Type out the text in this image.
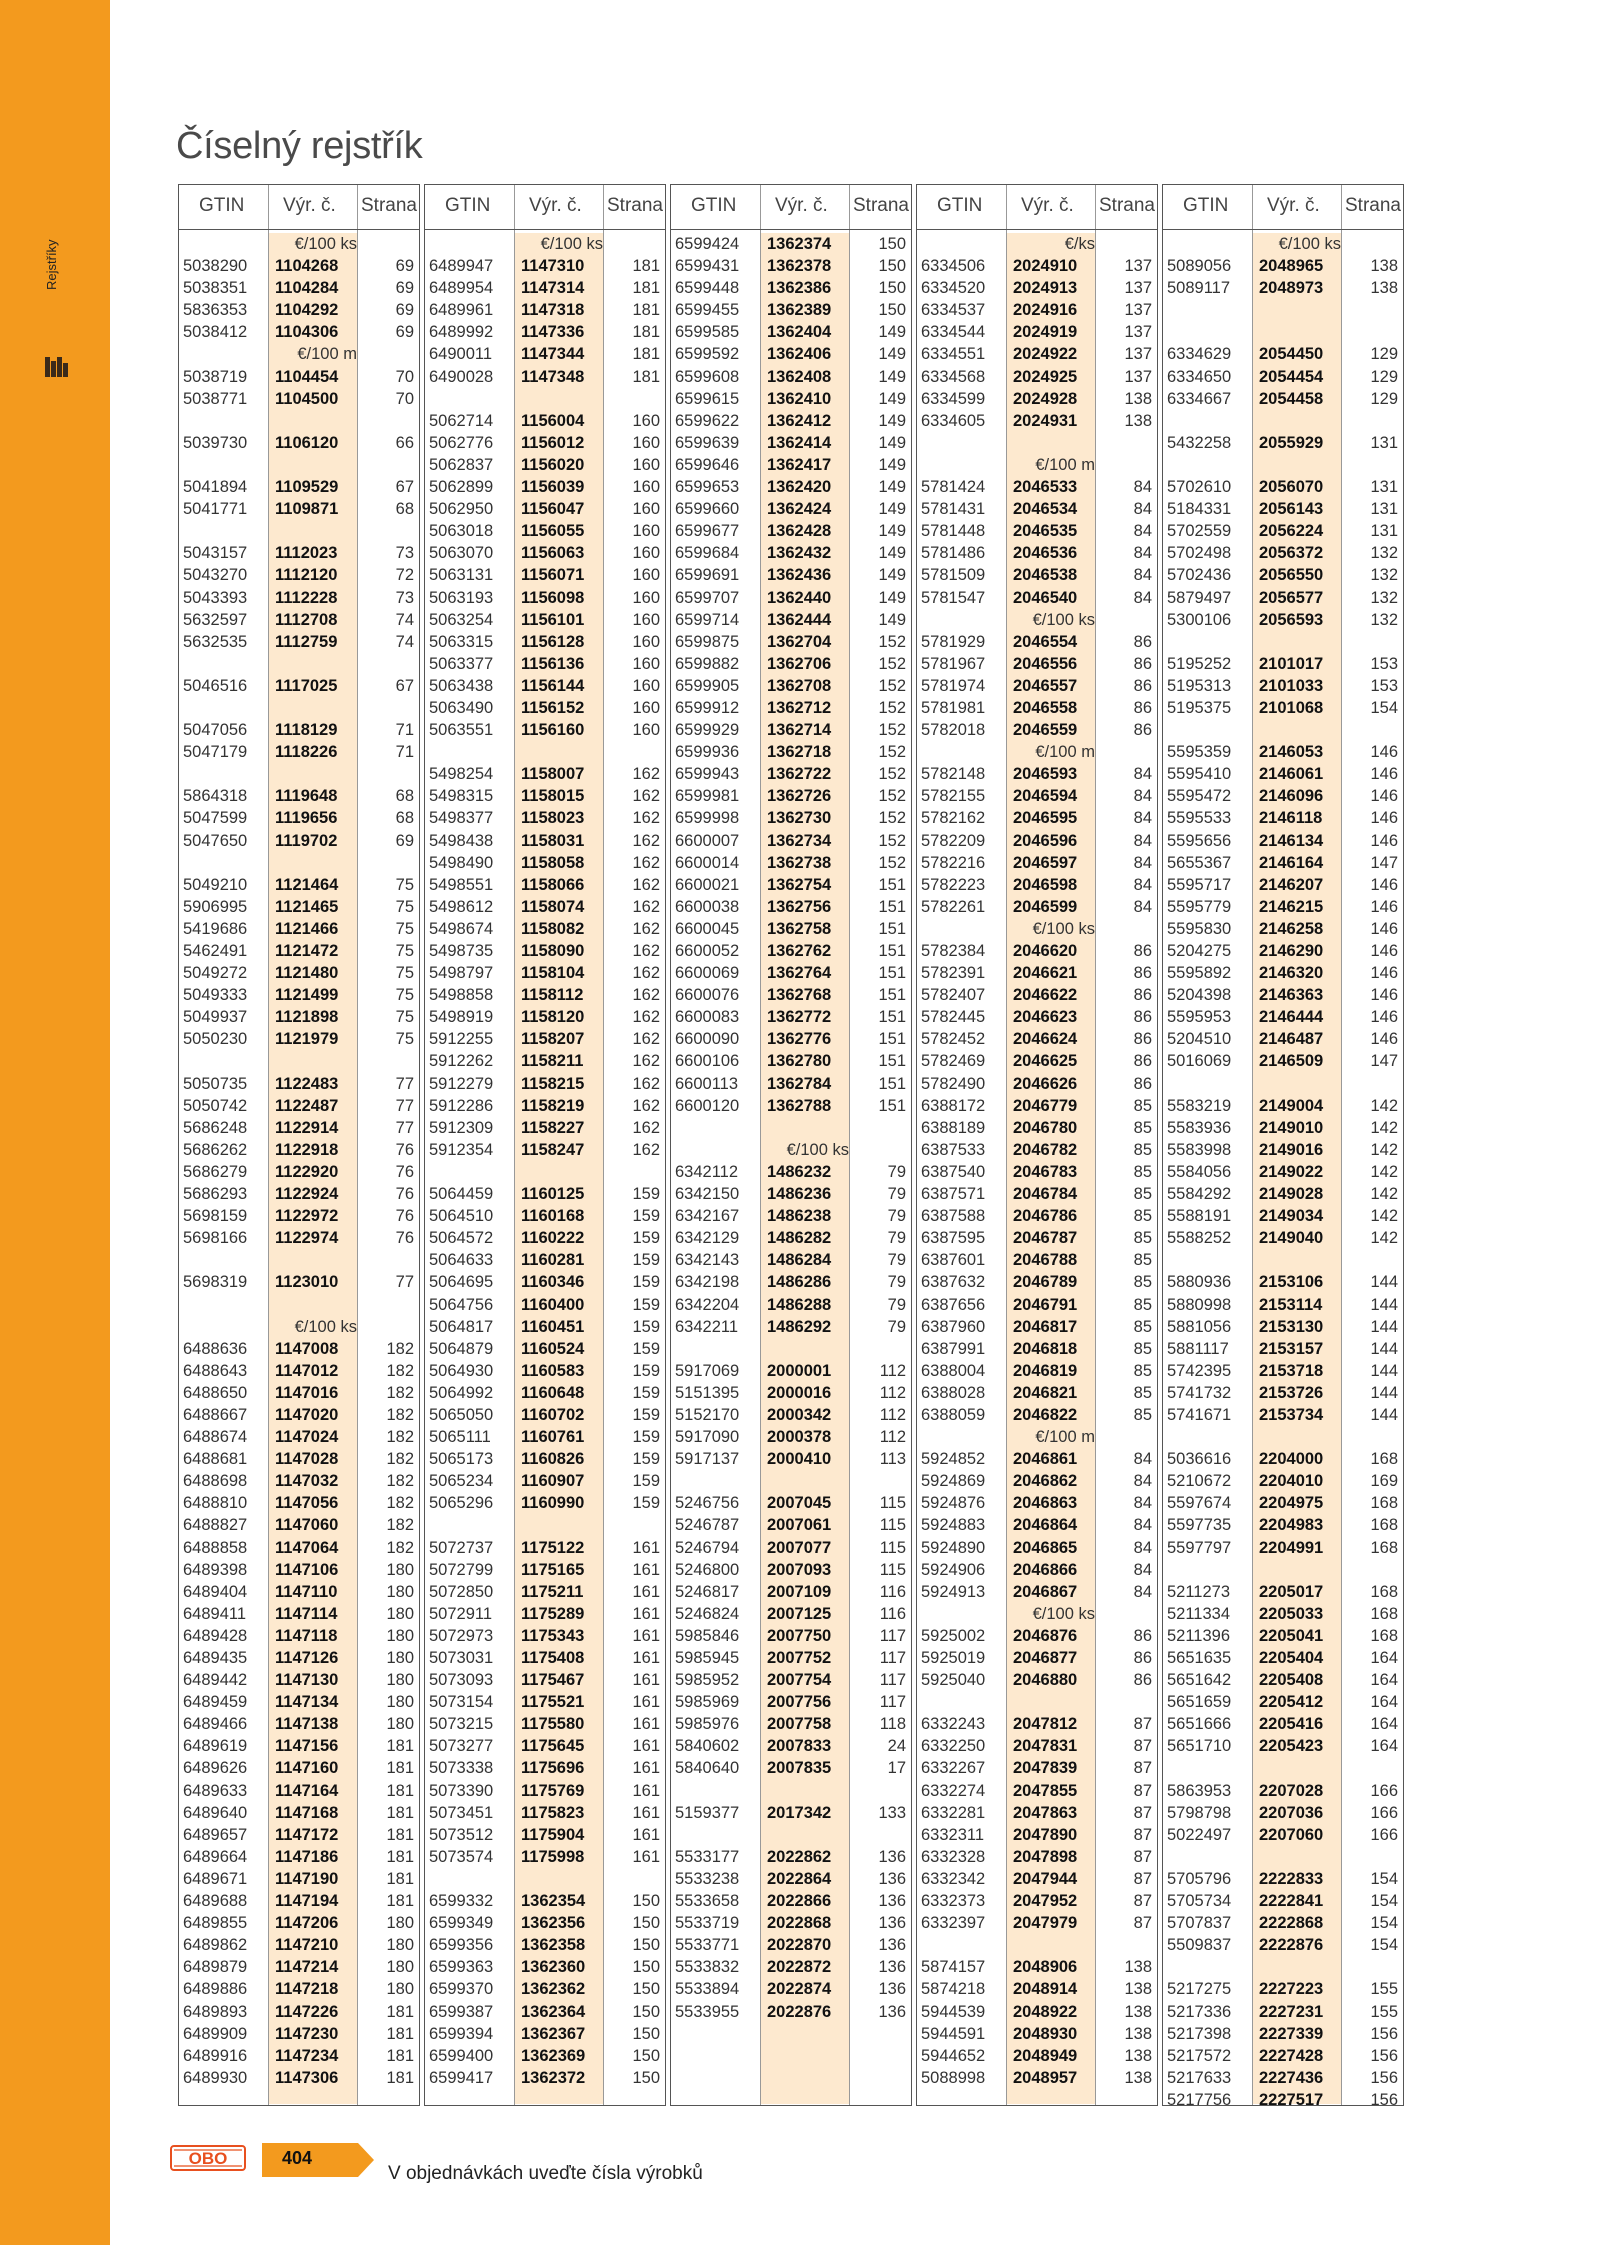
Rejstříky
Číselný rejstřík
GTIN Výr. č. Strana
€/100 ks
5038290	1104268	69
5038351	1104284	69
5836353	1104292	69
5038412	1104306	69
€/100 m
5038719	1104454	70
5038771	1104500	70
5039730	1106120	66
5041894	1109529	67
5041771	1109871	68
5043157	1112023	73
5043270	1112120	72
5043393	1112228	73
5632597	1112708	74
5632535	1112759	74
5046516	1117025	67
5047056	1118129	71
5047179	1118226	71
5864318	1119648	68
5047599	1119656	68
5047650	1119702	69
5049210	1121464	75
5906995	1121465	75
5419686	1121466	75
5462491	1121472	75
5049272	1121480	75
5049333	1121499	75
5049937	1121898	75
5050230	1121979	75
5050735	1122483	77
5050742	1122487	77
5686248	1122914	77
5686262	1122918	76
5686279	1122920	76
5686293	1122924	76
5698159	1122972	76
5698166	1122974	76
5698319	1123010	77
€/100 ks
6488636	1147008	182
6488643	1147012	182
6488650	1147016	182
6488667	1147020	182
6488674	1147024	182
6488681	1147028	182
6488698	1147032	182
6488810	1147056	182
6488827	1147060	182
6488858	1147064	182
6489398	1147106	180
6489404	1147110	180
6489411	1147114	180
6489428	1147118	180
6489435	1147126	180
6489442	1147130	180
6489459	1147134	180
6489466	1147138	180
6489619	1147156	181
6489626	1147160	181
6489633	1147164	181
6489640	1147168	181
6489657	1147172	181
6489664	1147186	181
6489671	1147190	181
6489688	1147194	181
6489855	1147206	180
6489862	1147210	180
6489879	1147214	180
6489886	1147218	180
6489893	1147226	181
6489909	1147230	181
6489916	1147234	181
6489930	1147306	181
GTIN Výr. č. Strana
€/100 ks
6489947	1147310	181
6489954	1147314	181
6489961	1147318	181
6489992	1147336	181
6490011	1147344	181
6490028	1147348	181
5062714	1156004	160
5062776	1156012	160
5062837	1156020	160
5062899	1156039	160
5062950	1156047	160
5063018	1156055	160
5063070	1156063	160
5063131	1156071	160
5063193	1156098	160
5063254	1156101	160
5063315	1156128	160
5063377	1156136	160
5063438	1156144	160
5063490	1156152	160
5063551	1156160	160
5498254	1158007	162
5498315	1158015	162
5498377	1158023	162
5498438	1158031	162
5498490	1158058	162
5498551	1158066	162
5498612	1158074	162
5498674	1158082	162
5498735	1158090	162
5498797	1158104	162
5498858	1158112	162
5498919	1158120	162
5912255	1158207	162
5912262	1158211	162
5912279	1158215	162
5912286	1158219	162
5912309	1158227	162
5912354	1158247	162
5064459	1160125	159
5064510	1160168	159
5064572	1160222	159
5064633	1160281	159
5064695	1160346	159
5064756	1160400	159
5064817	1160451	159
5064879	1160524	159
5064930	1160583	159
5064992	1160648	159
5065050	1160702	159
5065111	1160761	159
5065173	1160826	159
5065234	1160907	159
5065296	1160990	159
5072737	1175122	161
5072799	1175165	161
5072850	1175211	161
5072911	1175289	161
5072973	1175343	161
5073031	1175408	161
5073093	1175467	161
5073154	1175521	161
5073215	1175580	161
5073277	1175645	161
5073338	1175696	161
5073390	1175769	161
5073451	1175823	161
5073512	1175904	161
5073574	1175998	161
6599332	1362354	150
6599349	1362356	150
6599356	1362358	150
6599363	1362360	150
6599370	1362362	150
6599387	1362364	150
6599394	1362367	150
6599400	1362369	150
6599417	1362372	150
GTIN Výr. č. Strana
6599424	1362374	150
6599431	1362378	150
6599448	1362386	150
6599455	1362389	150
6599585	1362404	149
6599592	1362406	149
6599608	1362408	149
6599615	1362410	149
6599622	1362412	149
6599639	1362414	149
6599646	1362417	149
6599653	1362420	149
6599660	1362424	149
6599677	1362428	149
6599684	1362432	149
6599691	1362436	149
6599707	1362440	149
6599714	1362444	149
6599875	1362704	152
6599882	1362706	152
6599905	1362708	152
6599912	1362712	152
6599929	1362714	152
6599936	1362718	152
6599943	1362722	152
6599981	1362726	152
6599998	1362730	152
6600007	1362734	152
6600014	1362738	152
6600021	1362754	151
6600038	1362756	151
6600045	1362758	151
6600052	1362762	151
6600069	1362764	151
6600076	1362768	151
6600083	1362772	151
6600090	1362776	151
6600106	1362780	151
6600113	1362784	151
6600120	1362788	151
€/100 ks
6342112	1486232	79
6342150	1486236	79
6342167	1486238	79
6342129	1486282	79
6342143	1486284	79
6342198	1486286	79
6342204	1486288	79
6342211	1486292	79
5917069	2000001	112
5151395	2000016	112
5152170	2000342	112
5917090	2000378	112
5917137	2000410	113
5246756	2007045	115
5246787	2007061	115
5246794	2007077	115
5246800	2007093	115
5246817	2007109	116
5246824	2007125	116
5985846	2007750	117
5985945	2007752	117
5985952	2007754	117
5985969	2007756	117
5985976	2007758	118
5840602	2007833	24
5840640	2007835	17
5159377	2017342	133
5533177	2022862	136
5533238	2022864	136
5533658	2022866	136
5533719	2022868	136
5533771	2022870	136
5533832	2022872	136
5533894	2022874	136
5533955	2022876	136
GTIN Výr. č. Strana
€/ks
6334506	2024910	137
6334520	2024913	137
6334537	2024916	137
6334544	2024919	137
6334551	2024922	137
6334568	2024925	137
6334599	2024928	138
6334605	2024931	138
€/100 m
5781424	2046533	84
5781431	2046534	84
5781448	2046535	84
5781486	2046536	84
5781509	2046538	84
5781547	2046540	84
€/100 ks
5781929	2046554	86
5781967	2046556	86
5781974	2046557	86
5781981	2046558	86
5782018	2046559	86
€/100 m
5782148	2046593	84
5782155	2046594	84
5782162	2046595	84
5782209	2046596	84
5782216	2046597	84
5782223	2046598	84
5782261	2046599	84
€/100 ks
5782384	2046620	86
5782391	2046621	86
5782407	2046622	86
5782445	2046623	86
5782452	2046624	86
5782469	2046625	86
5782490	2046626	86
6388172	2046779	85
6388189	2046780	85
6387533	2046782	85
6387540	2046783	85
6387571	2046784	85
6387588	2046786	85
6387595	2046787	85
6387601	2046788	85
6387632	2046789	85
6387656	2046791	85
6387960	2046817	85
6387991	2046818	85
6388004	2046819	85
6388028	2046821	85
6388059	2046822	85
€/100 m
5924852	2046861	84
5924869	2046862	84
5924876	2046863	84
5924883	2046864	84
5924890	2046865	84
5924906	2046866	84
5924913	2046867	84
€/100 ks
5925002	2046876	86
5925019	2046877	86
5925040	2046880	86
6332243	2047812	87
6332250	2047831	87
6332267	2047839	87
6332274	2047855	87
6332281	2047863	87
6332311	2047890	87
6332328	2047898	87
6332342	2047944	87
6332373	2047952	87
6332397	2047979	87
5874157	2048906	138
5874218	2048914	138
5944539	2048922	138
5944591	2048930	138
5944652	2048949	138
5088998	2048957	138
GTIN Výr. č. Strana
€/100 ks
5089056	2048965	138
5089117	2048973	138
6334629	2054450	129
6334650	2054454	129
6334667	2054458	129
5432258	2055929	131
5702610	2056070	131
5184331	2056143	131
5702559	2056224	131
5702498	2056372	132
5702436	2056550	132
5879497	2056577	132
5300106	2056593	132
5195252	2101017	153
5195313	2101033	153
5195375	2101068	154
5595359	2146053	146
5595410	2146061	146
5595472	2146096	146
5595533	2146118	146
5595656	2146134	146
5655367	2146164	147
5595717	2146207	146
5595779	2146215	146
5595830	2146258	146
5204275	2146290	146
5595892	2146320	146
5204398	2146363	146
5595953	2146444	146
5204510	2146487	146
5016069	2146509	147
5583219	2149004	142
5583936	2149010	142
5583998	2149016	142
5584056	2149022	142
5584292	2149028	142
5588191	2149034	142
5588252	2149040	142
5880936	2153106	144
5880998	2153114	144
5881056	2153130	144
5881117	2153157	144
5742395	2153718	144
5741732	2153726	144
5741671	2153734	144
5036616	2204000	168
5210672	2204010	169
5597674	2204975	168
5597735	2204983	168
5597797	2204991	168
5211273	2205017	168
5211334	2205033	168
5211396	2205041	168
5651635	2205404	164
5651642	2205408	164
5651659	2205412	164
5651666	2205416	164
5651710	2205423	164
5863953	2207028	166
5798798	2207036	166
5022497	2207060	166
5705796	2222833	154
5705734	2222841	154
5707837	2222868	154
5509837	2222876	154
5217275	2227223	155
5217336	2227231	155
5217398	2227339	156
5217572	2227428	156
5217633	2227436	156
5217756	2227517	156
OBO	404
V objednávkách uveďte čísla výrobků
